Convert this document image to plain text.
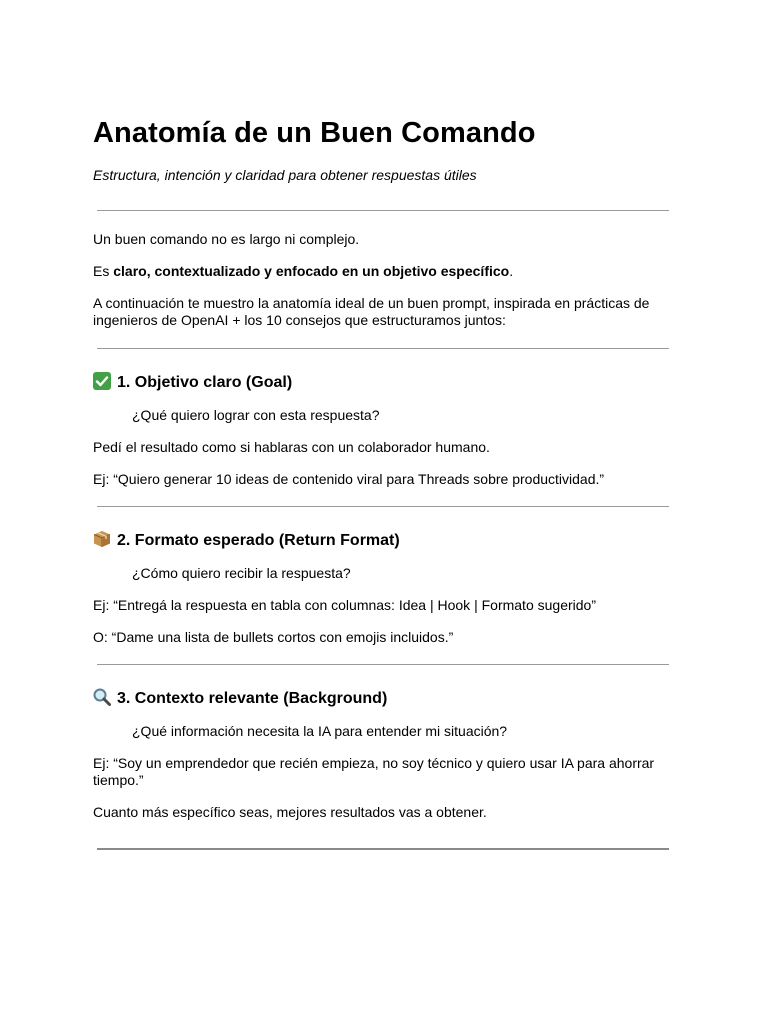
Anatomía de un Buen Comando

Estructura, intención y claridad para obtener respuestas útiles

Un buen comando no es largo ni complejo.

Es claro, contextualizado y enfocado en un objetivo específico.

A continuación te muestro la anatomía ideal de un buen prompt, inspirada en prácticas de ingenieros de OpenAI + los 10 consejos que estructuramos juntos:

1. Objetivo claro (Goal)

¿Qué quiero lograr con esta respuesta?

Pedí el resultado como si hablaras con un colaborador humano.

Ej: “Quiero generar 10 ideas de contenido viral para Threads sobre productividad.”

2. Formato esperado (Return Format)

¿Cómo quiero recibir la respuesta?

Ej: “Entregá la respuesta en tabla con columnas: Idea | Hook | Formato sugerido”

O: “Dame una lista de bullets cortos con emojis incluidos.”

3. Contexto relevante (Background)

¿Qué información necesita la IA para entender mi situación?

Ej: “Soy un emprendedor que recién empieza, no soy técnico y quiero usar IA para ahorrar tiempo.”

Cuanto más específico seas, mejores resultados vas a obtener.
